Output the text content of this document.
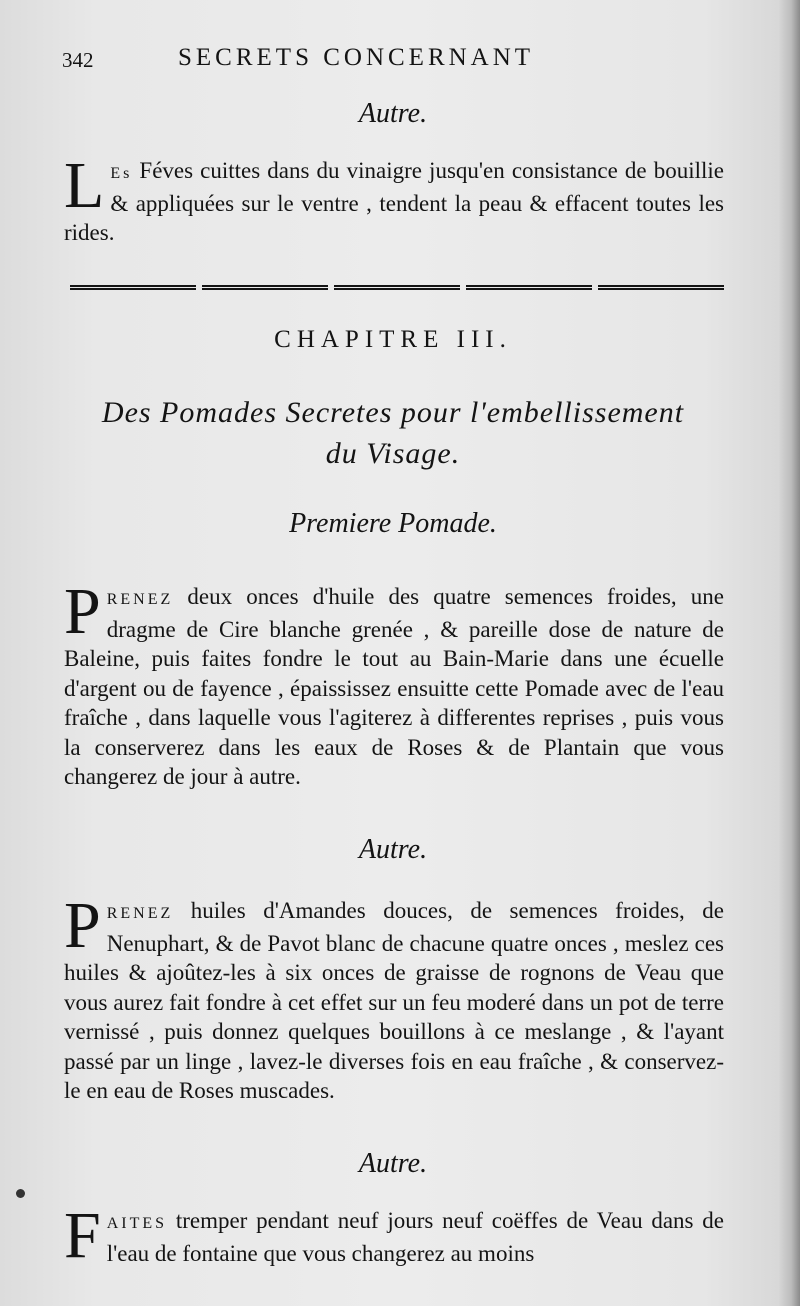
342	SECRETS CONCERNANT
Autre.
L Es Féves cuittes dans du vinaigre jusqu'en consistance de bouillie & appliquées sur le ventre , tendent la peau & effacent toutes les rides.
CHAPITRE III.
Des Pomades Secretes pour l'embellissement
du Visage.
Premiere Pomade.
PRENEZ deux onces d'huile des quatre semences froides, une dragme de Cire blanche grenée , & pareille dose de nature de Baleine, puis faites fondre le tout au Bain-Marie dans une écuelle d'argent ou de fayence , épaississez ensuitte cette Pomade avec de l'eau fraîche , dans laquelle vous l'agiterez à differentes reprises , puis vous la conserverez dans les eaux de Roses & de Plantain que vous changerez de jour à autre.
Autre.
PRENEZ huiles d'Amandes douces, de semences froides, de Nenuphart, & de Pavot blanc de chacune quatre onces , meslez ces huiles & ajoûtez-les à six onces de graisse de rognons de Veau que vous aurez fait fondre à cet effet sur un feu moderé dans un pot de terre vernissé , puis donnez quelques bouillons à ce meslange , & l'ayant passé par un linge , lavez-le diverses fois en eau fraîche , & conservez-le en eau de Roses muscades.
Autre.
FAITES tremper pendant neuf jours neuf coëffes de Veau dans de l'eau de fontaine que vous changerez au moins
